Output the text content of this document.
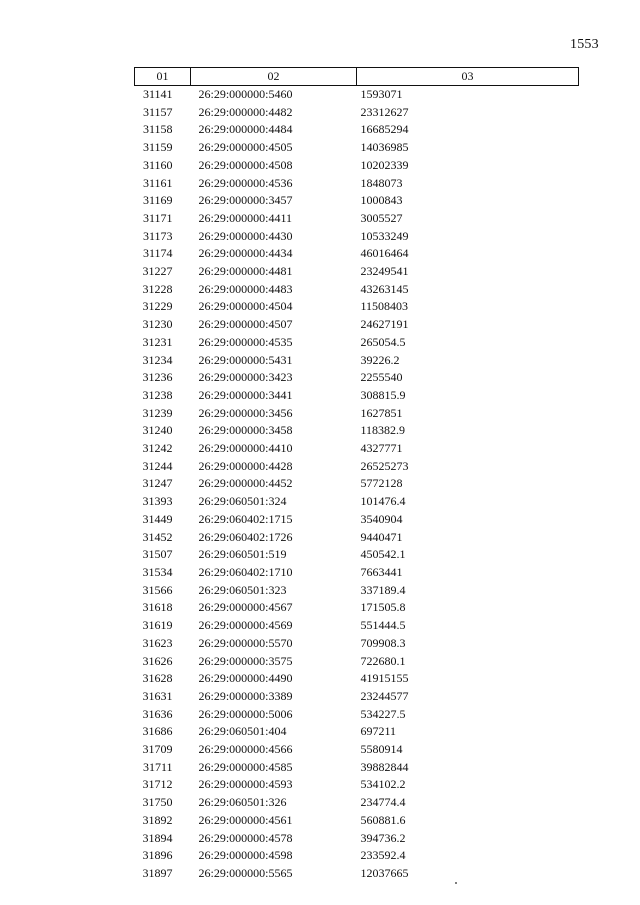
1553
01	02	03
31141	26:29:000000:5460	1593071
31157	26:29:000000:4482	23312627
31158	26:29:000000:4484	16685294
31159	26:29:000000:4505	14036985
31160	26:29:000000:4508	10202339
31161	26:29:000000:4536	1848073
31169	26:29:000000:3457	1000843
31171	26:29:000000:4411	3005527
31173	26:29:000000:4430	10533249
31174	26:29:000000:4434	46016464
31227	26:29:000000:4481	23249541
31228	26:29:000000:4483	43263145
31229	26:29:000000:4504	11508403
31230	26:29:000000:4507	24627191
31231	26:29:000000:4535	265054.5
31234	26:29:000000:5431	39226.2
31236	26:29:000000:3423	2255540
31238	26:29:000000:3441	308815.9
31239	26:29:000000:3456	1627851
31240	26:29:000000:3458	118382.9
31242	26:29:000000:4410	4327771
31244	26:29:000000:4428	26525273
31247	26:29:000000:4452	5772128
31393	26:29:060501:324	101476.4
31449	26:29:060402:1715	3540904
31452	26:29:060402:1726	9440471
31507	26:29:060501:519	450542.1
31534	26:29:060402:1710	7663441
31566	26:29:060501:323	337189.4
31618	26:29:000000:4567	171505.8
31619	26:29:000000:4569	551444.5
31623	26:29:000000:5570	709908.3
31626	26:29:000000:3575	722680.1
31628	26:29:000000:4490	41915155
31631	26:29:000000:3389	23244577
31636	26:29:000000:5006	534227.5
31686	26:29:060501:404	697211
31709	26:29:000000:4566	5580914
31711	26:29:000000:4585	39882844
31712	26:29:000000:4593	534102.2
31750	26:29:060501:326	234774.4
31892	26:29:000000:4561	560881.6
31894	26:29:000000:4578	394736.2
31896	26:29:000000:4598	233592.4
31897	26:29:000000:5565	12037665
